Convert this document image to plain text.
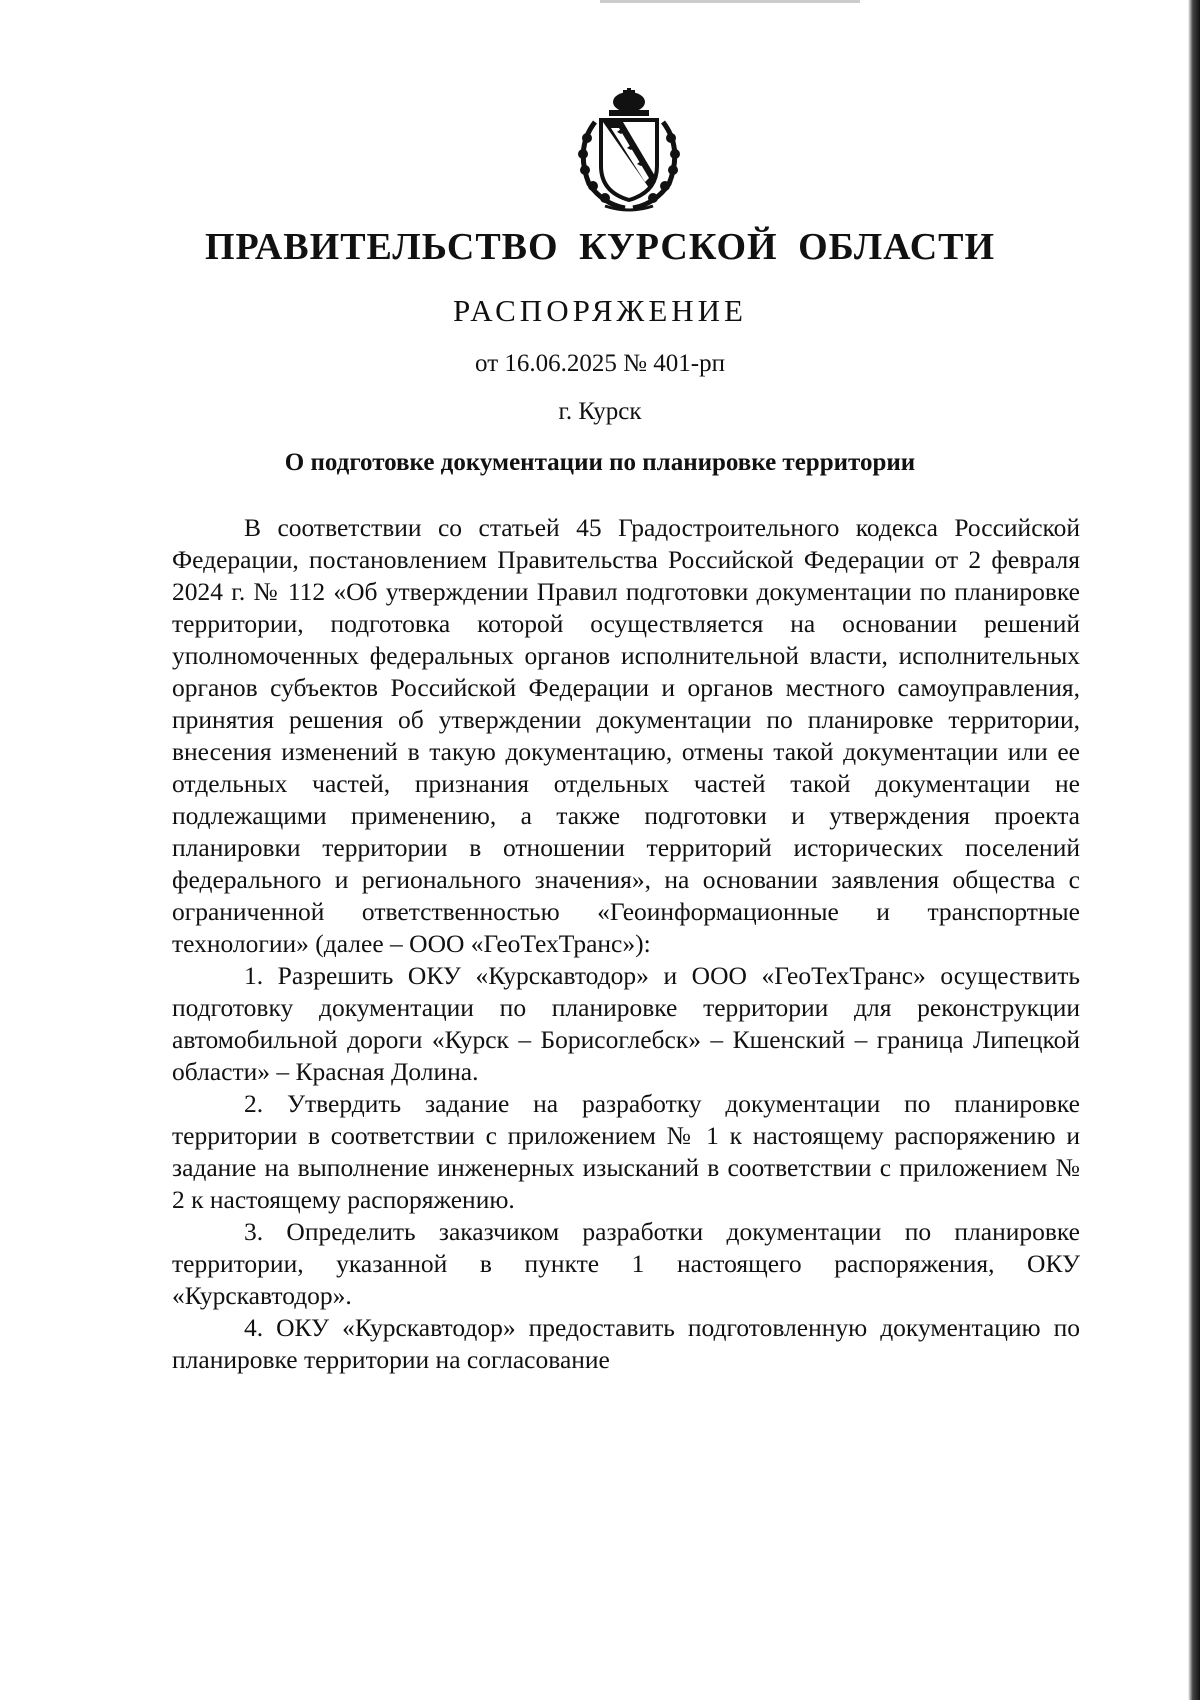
ПРАВИТЕЛЬСТВО КУРСКОЙ ОБЛАСТИ
РАСПОРЯЖЕНИЕ
от 16.06.2025 № 401-рп
г. Курск
О подготовке документации по планировке территории

В соответствии со статьей 45 Градостроительного кодекса Российской Федерации, постановлением Правительства Российской Федерации от 2 февраля 2024 г. № 112 «Об утверждении Правил подготовки документации по планировке территории, подготовка которой осуществляется на основании решений уполномоченных федеральных органов исполнительной власти, исполнительных органов субъектов Российской Федерации и органов местного самоуправления, принятия решения об утверждении документации по планировке территории, внесения изменений в такую документацию, отмены такой документации или ее отдельных частей, признания отдельных частей такой документации не подлежащими применению, а также подготовки и утверждения проекта планировки территории в отношении территорий исторических поселений федерального и регионального значения», на основании заявления общества с ограниченной ответственностью «Геоинформационные и транспортные технологии» (далее – ООО «ГеоТехТранс»):

1. Разрешить ОКУ «Курскавтодор» и ООО «ГеоТехТранс» осуществить подготовку документации по планировке территории для реконструкции автомобильной дороги «Курск – Борисоглебск» – Кшенский – граница Липецкой области» – Красная Долина.

2. Утвердить задание на разработку документации по планировке территории в соответствии с приложением № 1 к настоящему распоряжению и задание на выполнение инженерных изысканий в соответствии с приложением № 2 к настоящему распоряжению.

3. Определить заказчиком разработки документации по планировке территории, указанной в пункте 1 настоящего распоряжения, ОКУ «Курскавтодор».

4. ОКУ «Курскавтодор» предоставить подготовленную документацию по планировке территории на согласование
